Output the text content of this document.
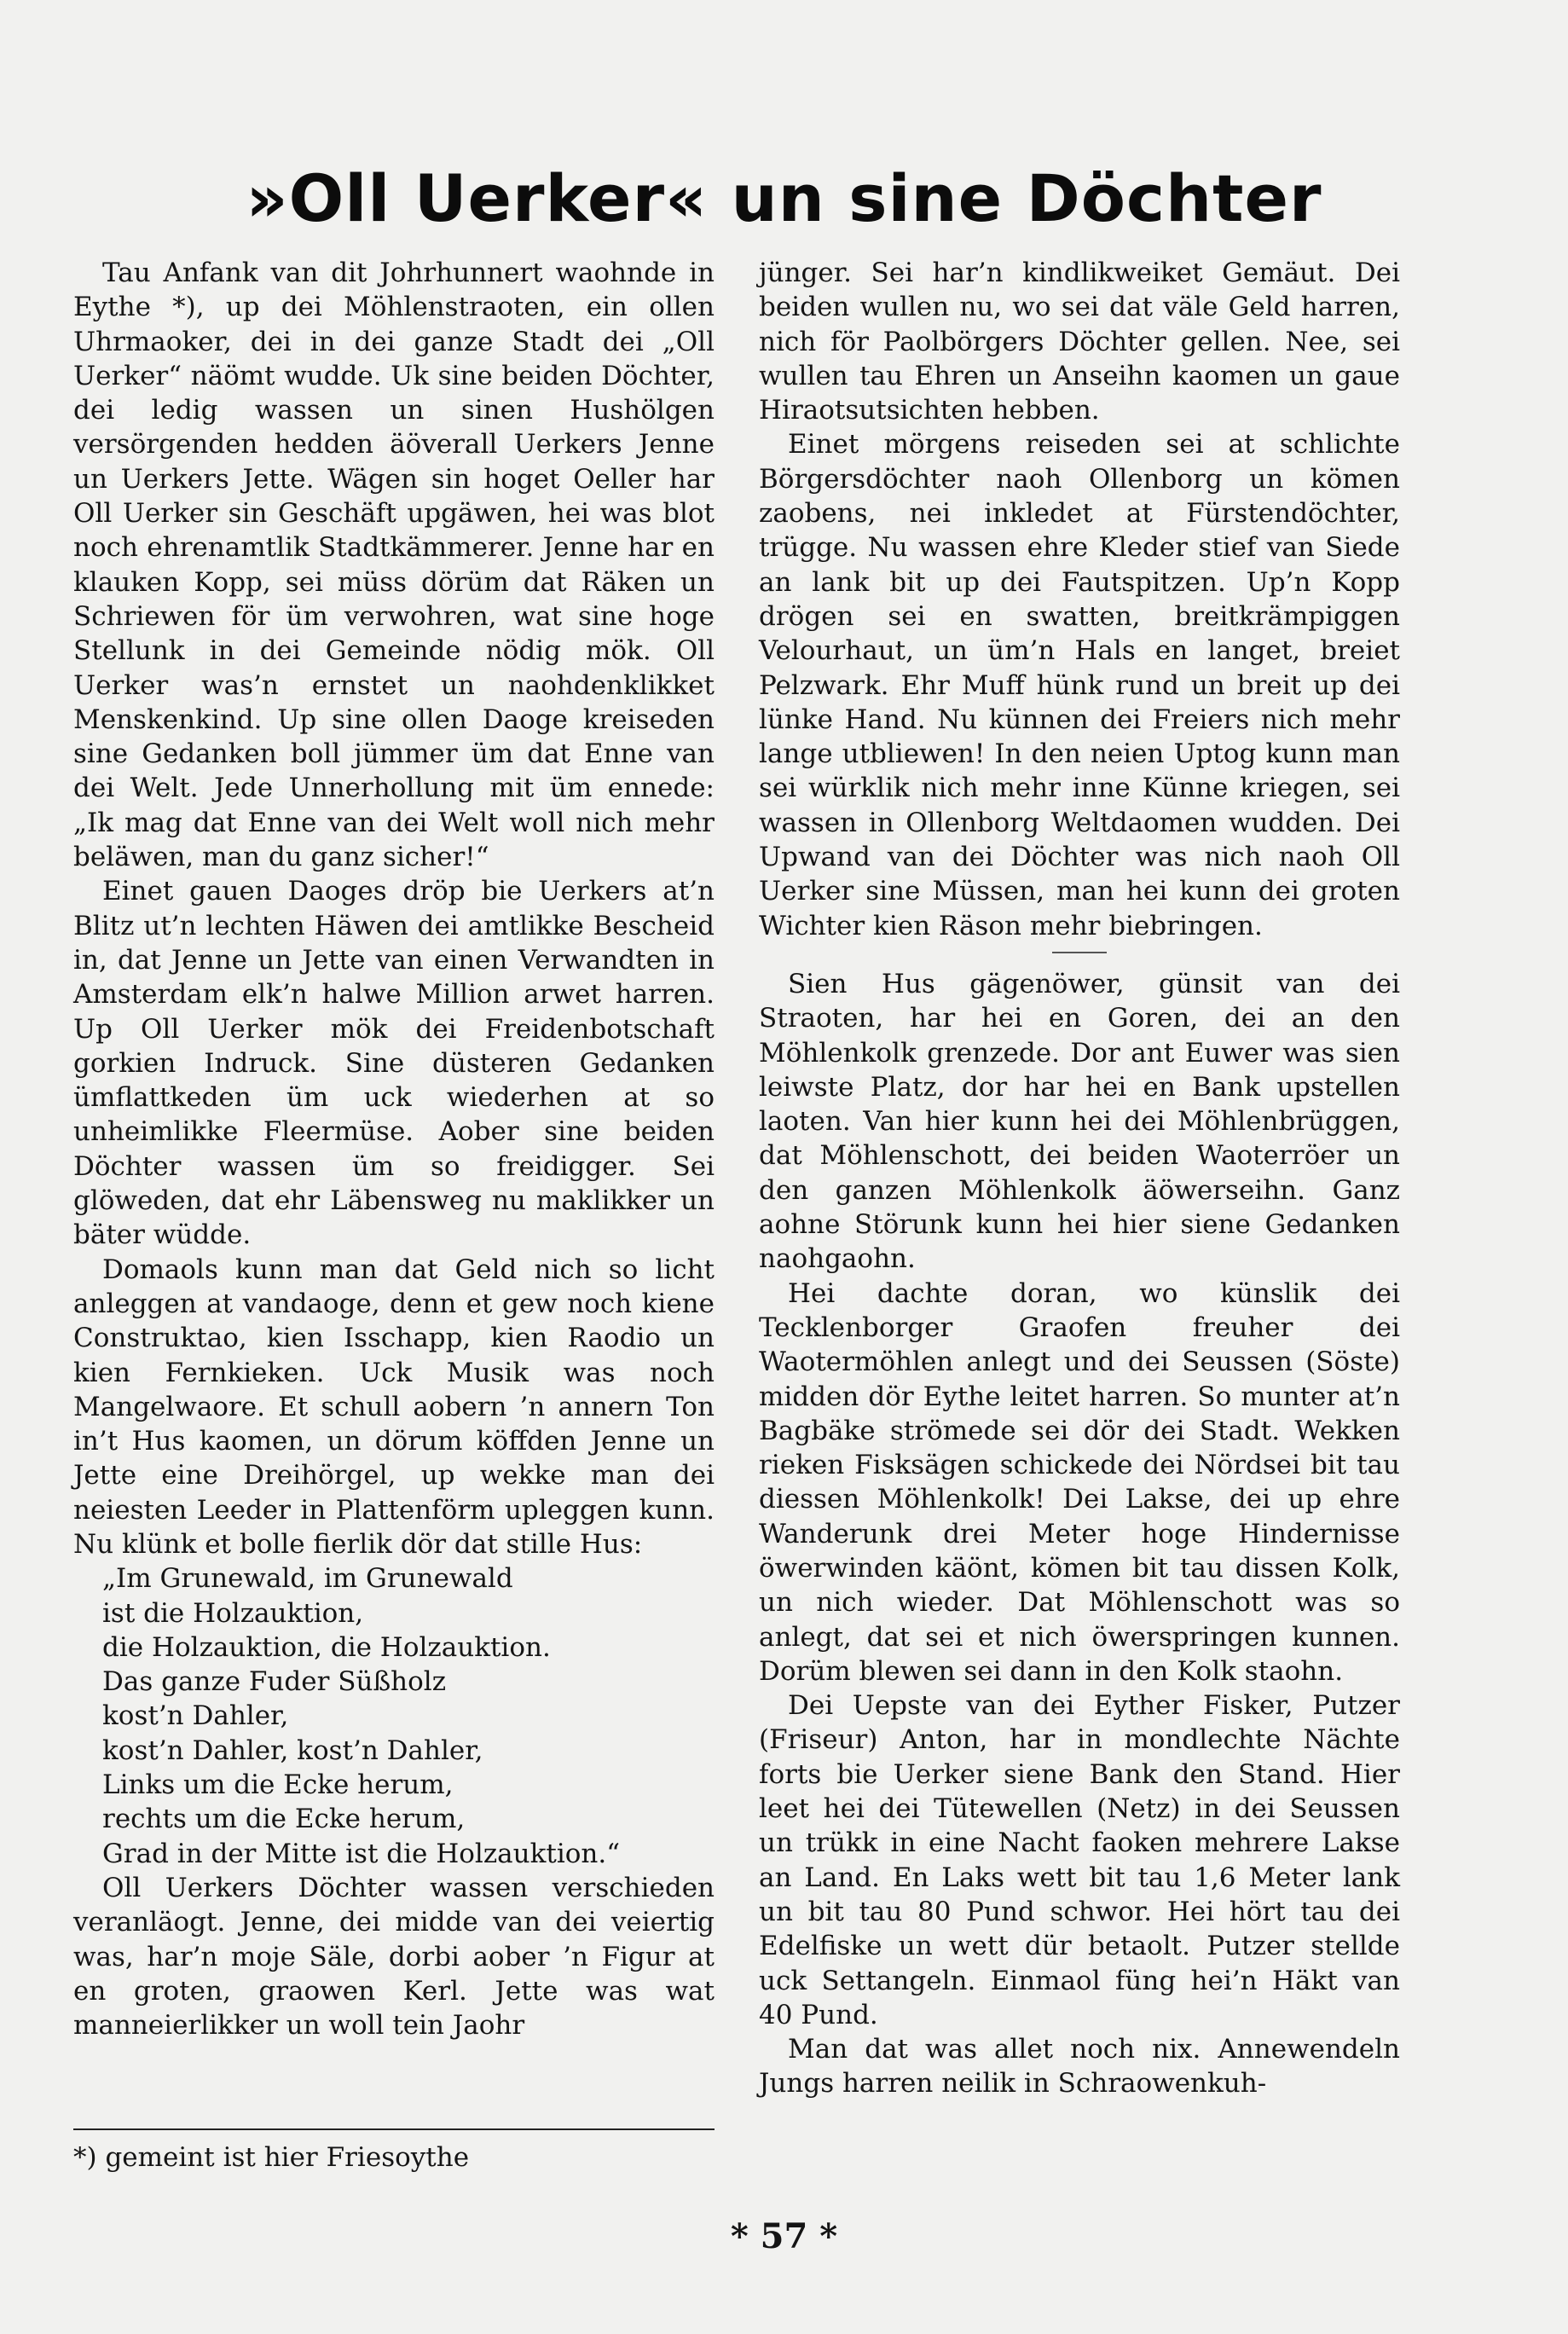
»Oll Uerker« un sine Döchter

Tau Anfank van dit Johrhunnert waohnde in Eythe *), up dei Möhlenstraoten, ein ollen Uhrmaoker, dei in dei ganze Stadt dei „Oll Uerker“ näömt wudde. Uk sine beiden Döchter, dei ledig wassen un sinen Hushölgen versörgenden hedden äöverall Uerkers Jenne un Uerkers Jette. Wägen sin hoget Oeller har Oll Uerker sin Geschäft upgäwen, hei was blot noch ehrenamtlik Stadtkämmerer. Jenne har en klauken Kopp, sei müss dörüm dat Räken un Schriewen för üm verwohren, wat sine hoge Stellunk in dei Gemeinde nödig mök. Oll Uerker was’n ernstet un naohdenklikket Menskenkind. Up sine ollen Daoge kreiseden sine Gedanken boll jümmer üm dat Enne van dei Welt. Jede Unnerhollung mit üm ennede: „Ik mag dat Enne van dei Welt woll nich mehr beläwen, man du ganz sicher!“

Einet gauen Daoges dröp bie Uerkers at’n Blitz ut’n lechten Häwen dei amtlikke Bescheid in, dat Jenne un Jette van einen Verwandten in Amsterdam elk’n halwe Million arwet harren. Up Oll Uerker mök dei Freidenbotschaft gorkien Indruck. Sine düsteren Gedanken ümflattkeden üm uck wiederhen at so unheimlikke Fleermüse. Aober sine beiden Döchter wassen üm so freidigger. Sei glöweden, dat ehr Läbensweg nu maklikker un bäter wüdde.

Domaols kunn man dat Geld nich so licht anleggen at vandaoge, denn et gew noch kiene Construktao, kien Isschapp, kien Raodio un kien Fernkieken. Uck Musik was noch Mangelwaore. Et schull aobern ’n annern Ton in’t Hus kaomen, un dörum köffden Jenne un Jette eine Dreihörgel, up wekke man dei neiesten Leeder in Plattenförm upleggen kunn. Nu klünk et bolle fierlik dör dat stille Hus:

„Im Grunewald, im Grunewald
ist die Holzauktion,
die Holzauktion, die Holzauktion.
Das ganze Fuder Süßholz
kost’n Dahler,
kost’n Dahler, kost’n Dahler,
Links um die Ecke herum,
rechts um die Ecke herum,
Grad in der Mitte ist die Holzauktion.“

Oll Uerkers Döchter wassen verschieden veranläogt. Jenne, dei midde van dei veiertig was, har’n moje Säle, dorbi aober ’n Figur at en groten, graowen Kerl. Jette was wat manneierlikker un woll tein Jaohr

jünger. Sei har’n kindlikweiket Gemäut. Dei beiden wullen nu, wo sei dat väle Geld harren, nich för Paolbörgers Döchter gellen. Nee, sei wullen tau Ehren un Anseihn kaomen un gaue Hiraotsutsichten hebben.

Einet mörgens reiseden sei at schlichte Börgersdöchter naoh Ollenborg un kömen zaobens, nei inkledet at Fürstendöchter, trügge. Nu wassen ehre Kleder stief van Siede an lank bit up dei Fautspitzen. Up’n Kopp drögen sei en swatten, breitkrämpiggen Velourhaut, un üm’n Hals en langet, breiet Pelzwark. Ehr Muff hünk rund un breit up dei lünke Hand. Nu künnen dei Freiers nich mehr lange utbliewen! In den neien Uptog kunn man sei würklik nich mehr inne Künne kriegen, sei wassen in Ollenborg Weltdaomen wudden. Dei Upwand van dei Döchter was nich naoh Oll Uerker sine Müssen, man hei kunn dei groten Wichter kien Räson mehr biebringen.

Sien Hus gägenöwer, günsit van dei Straoten, har hei en Goren, dei an den Möhlenkolk grenzede. Dor ant Euwer was sien leiwste Platz, dor har hei en Bank upstellen laoten. Van hier kunn hei dei Möhlenbrüggen, dat Möhlenschott, dei beiden Waoterröer un den ganzen Möhlenkolk äöwerseihn. Ganz aohne Störunk kunn hei hier siene Gedanken naohgaohn.

Hei dachte doran, wo künslik dei Tecklenborger Graofen freuher dei Waotermöhlen anlegt und dei Seussen (Söste) midden dör Eythe leitet harren. So munter at’n Bagbäke strömede sei dör dei Stadt. Wekken rieken Fisksägen schickede dei Nördsei bit tau diessen Möhlenkolk! Dei Lakse, dei up ehre Wanderunk drei Meter hoge Hindernisse öwerwinden käönt, kömen bit tau dissen Kolk, un nich wieder. Dat Möhlenschott was so anlegt, dat sei et nich öwerspringen kunnen. Dorüm blewen sei dann in den Kolk staohn.

Dei Uepste van dei Eyther Fisker, Putzer (Friseur) Anton, har in mondlechte Nächte forts bie Uerker siene Bank den Stand. Hier leet hei dei Tütewellen (Netz) in dei Seussen un trükk in eine Nacht faoken mehrere Lakse an Land. En Laks wett bit tau 1,6 Meter lank un bit tau 80 Pund schwor. Hei hört tau dei Edelfiske un wett dür betaolt. Putzer stellde uck Settangeln. Einmaol füng hei’n Häkt van 40 Pund.

Man dat was allet noch nix. Annewendeln Jungs harren neilik in Schraowenkuh-

*) gemeint ist hier Friesoythe
* 57 *
